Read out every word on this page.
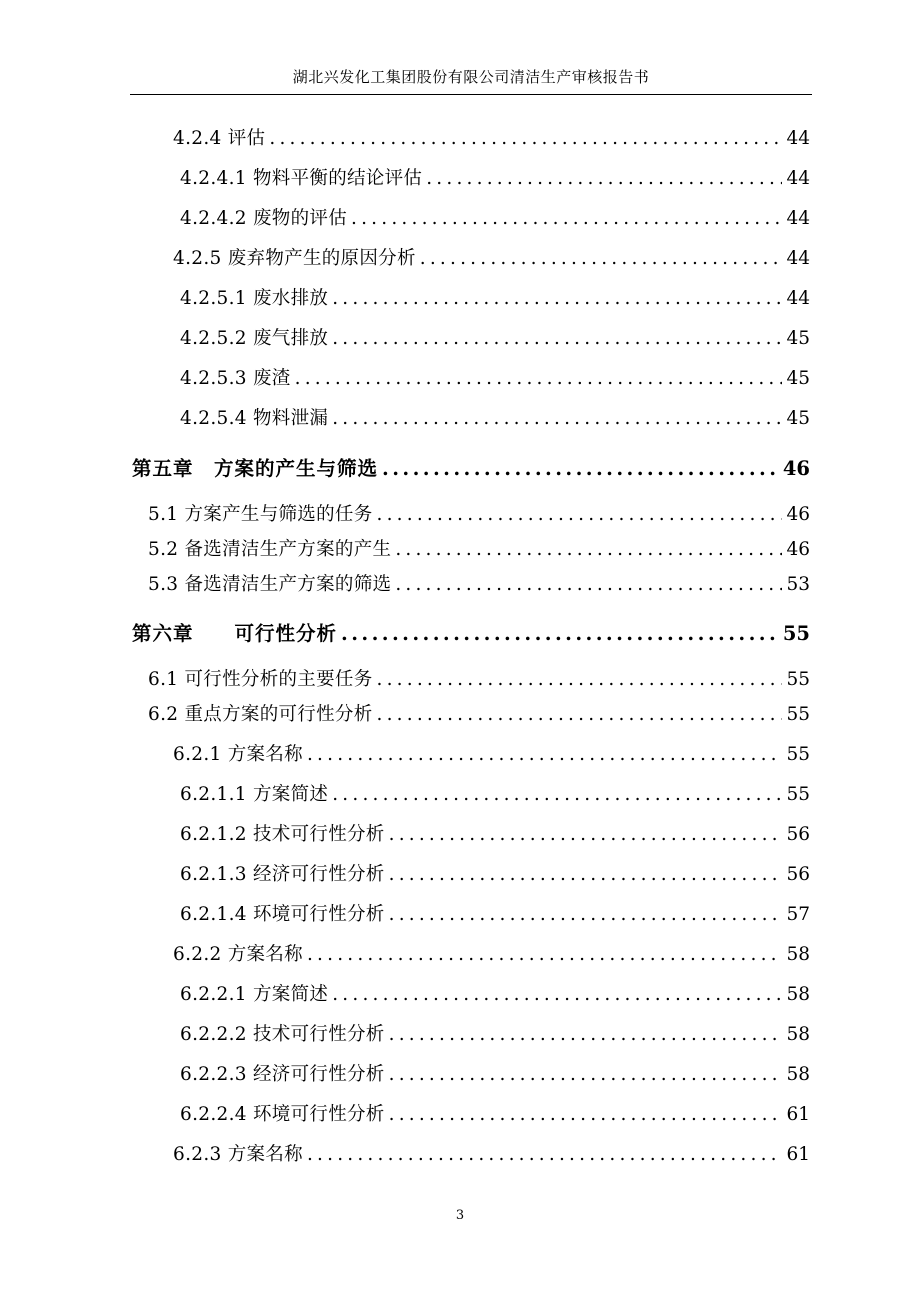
湖北兴发化工集团股份有限公司清洁生产审核报告书
4.2.4 评估 .....	44
4.2.4.1 物料平衡的结论评估 .....	44
4.2.4.2 废物的评估 .....	44
4.2.5 废弃物产生的原因分析 .....	44
4.2.5.1 废水排放 .....	44
4.2.5.2 废气排放 .....	45
4.2.5.3 废渣 .....	45
4.2.5.4 物料泄漏 .....	45
第五章　方案的产生与筛选 .....	46
5.1 方案产生与筛选的任务 .....	46
5.2 备选清洁生产方案的产生 .....	46
5.3 备选清洁生产方案的筛选 .....	53
第六章　　可行性分析 .....	55
6.1 可行性分析的主要任务 .....	55
6.2 重点方案的可行性分析 .....	55
6.2.1 方案名称 .....	55
6.2.1.1 方案简述 .....	55
6.2.1.2 技术可行性分析 .....	56
6.2.1.3 经济可行性分析 .....	56
6.2.1.4 环境可行性分析 .....	57
6.2.2 方案名称 .....	58
6.2.2.1 方案简述 .....	58
6.2.2.2 技术可行性分析 .....	58
6.2.2.3 经济可行性分析 .....	58
6.2.2.4 环境可行性分析 .....	61
6.2.3 方案名称 .....	61
3
